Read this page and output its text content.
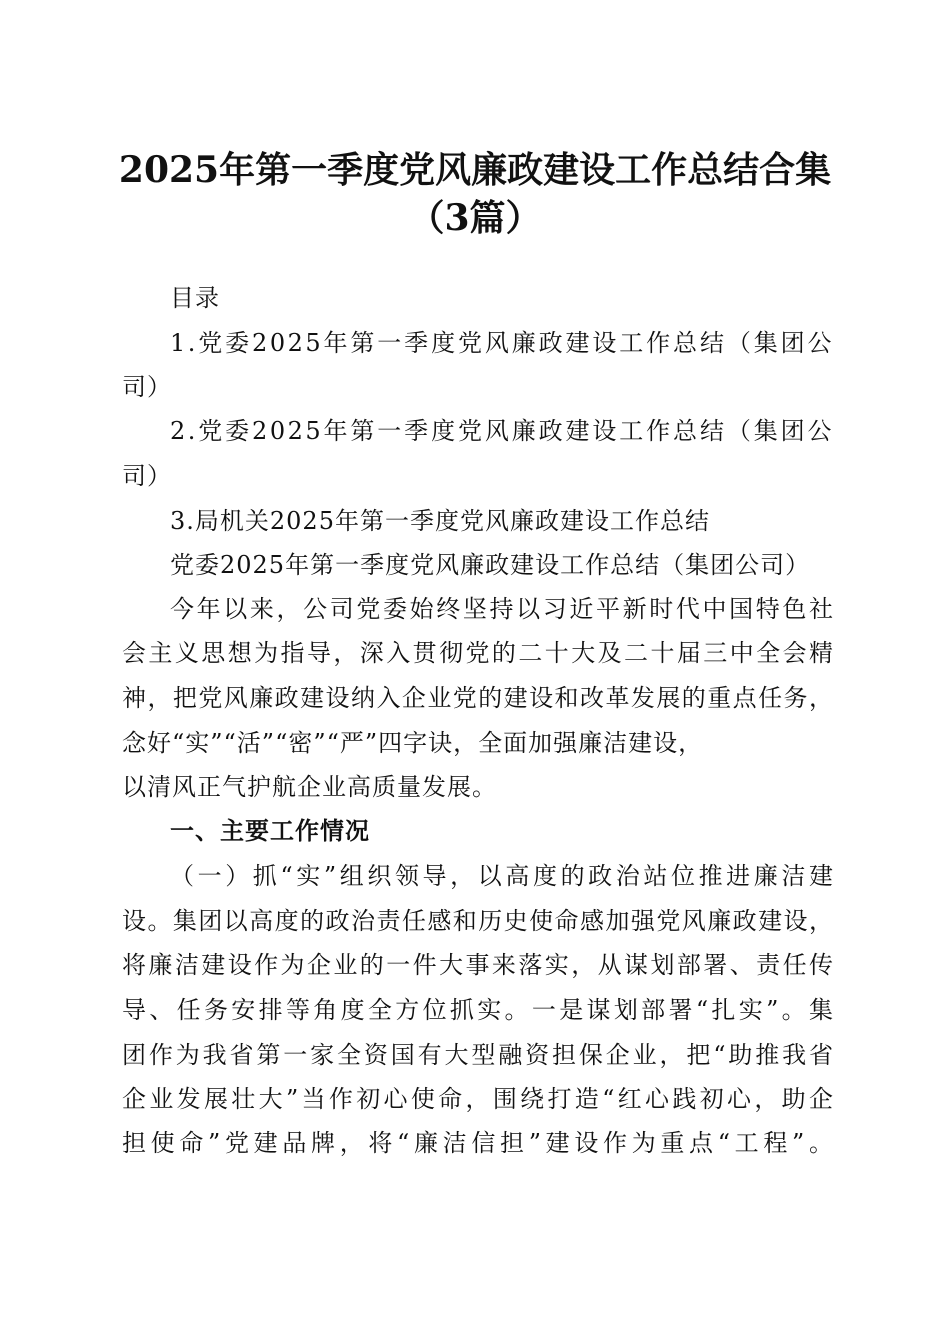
2025年第一季度党风廉政建设工作总结合集
（3篇）
目录
1.党委2025年第一季度党风廉政建设工作总结（集团公
司）
2.党委2025年第一季度党风廉政建设工作总结（集团公
司）
3.局机关2025年第一季度党风廉政建设工作总结
党委2025年第一季度党风廉政建设工作总结（集团公司）
今年以来，公司党委始终坚持以习近平新时代中国特色社
会主义思想为指导，深入贯彻党的二十大及二十届三中全会精
神，把党风廉政建设纳入企业党的建设和改革发展的重点任务，
念好“实”“活”“密”“严”四字诀，全面加强廉洁建设，
以清风正气护航企业高质量发展。
一、主要工作情况
（一）抓“实”组织领导，以高度的政治站位推进廉洁建
设。集团以高度的政治责任感和历史使命感加强党风廉政建设，
将廉洁建设作为企业的一件大事来落实，从谋划部署、责任传
导、任务安排等角度全方位抓实。一是谋划部署“扎实”。集
团作为我省第一家全资国有大型融资担保企业，把“助推我省
企业发展壮大”当作初心使命，围绕打造“红心践初心，助企
担使命”党建品牌，将“廉洁信担”建设作为重点“工程”。
